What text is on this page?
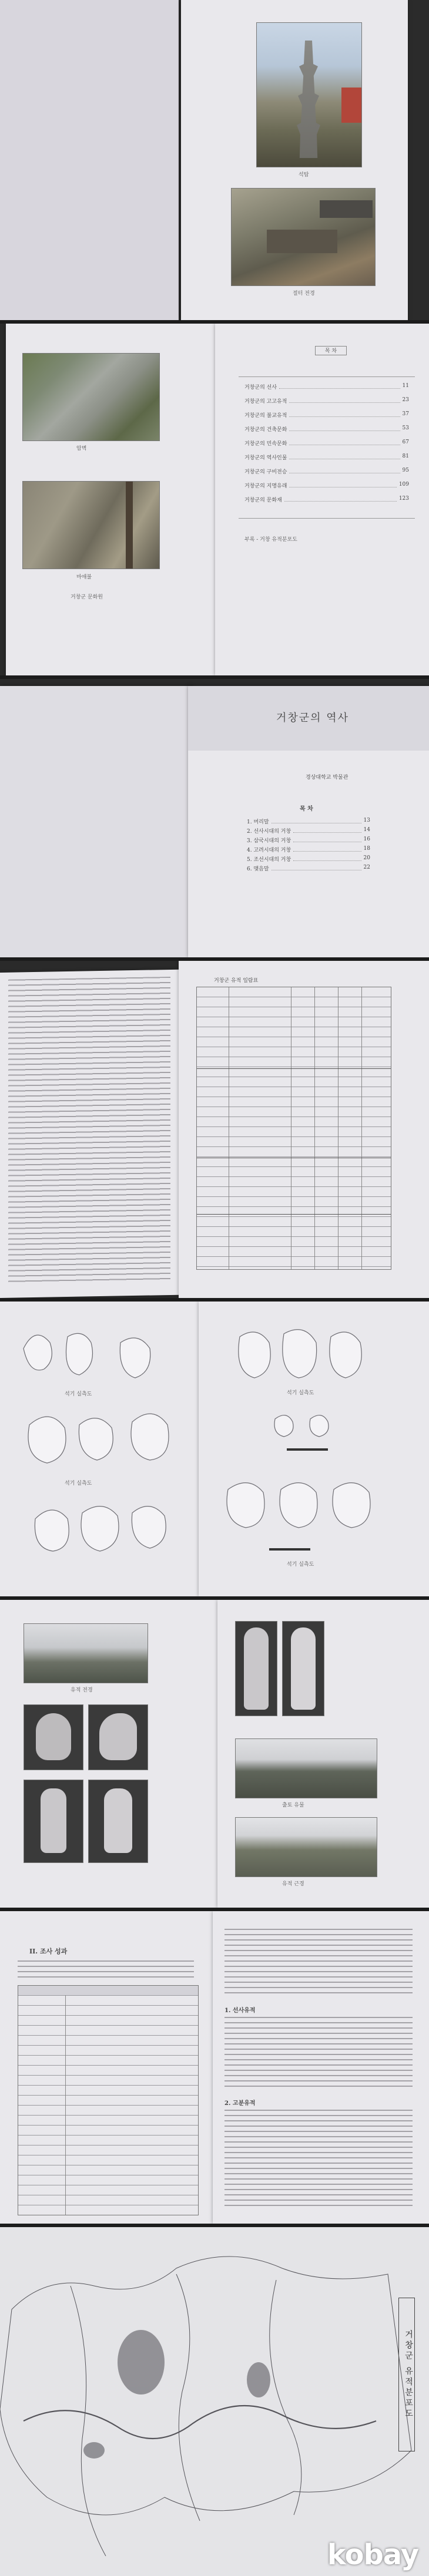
석탑
절터 전경
암벽
마애불
거창군 문화원
목 차
거창군의 선사	11
거창군의 고고유적	23
거창군의 불교유적	37
거창군의 건축문화	53
거창군의 민속문화	67
거창군의 역사인물	81
거창군의 구비전승	95
거창군의 지명유래	109
거창군의 문화재	123
부록 - 거창 유적분포도
거창군의 역사
경상대학교 박물관
목 차
1. 머리말	13
2. 선사시대의 거창	14
3. 삼국시대의 거창	16
4. 고려시대의 거창	18
5. 조선시대의 거창	20
6. 맺음말	22
거창군 유적 일람표
석기 실측도
석기 실측도
석기 실측도
석기 실측도
유적 전경
출토 유물
유적 근경
II. 조사 성과
1. 선사유적
2. 고분유적
거창군 유적분포도
kobay
